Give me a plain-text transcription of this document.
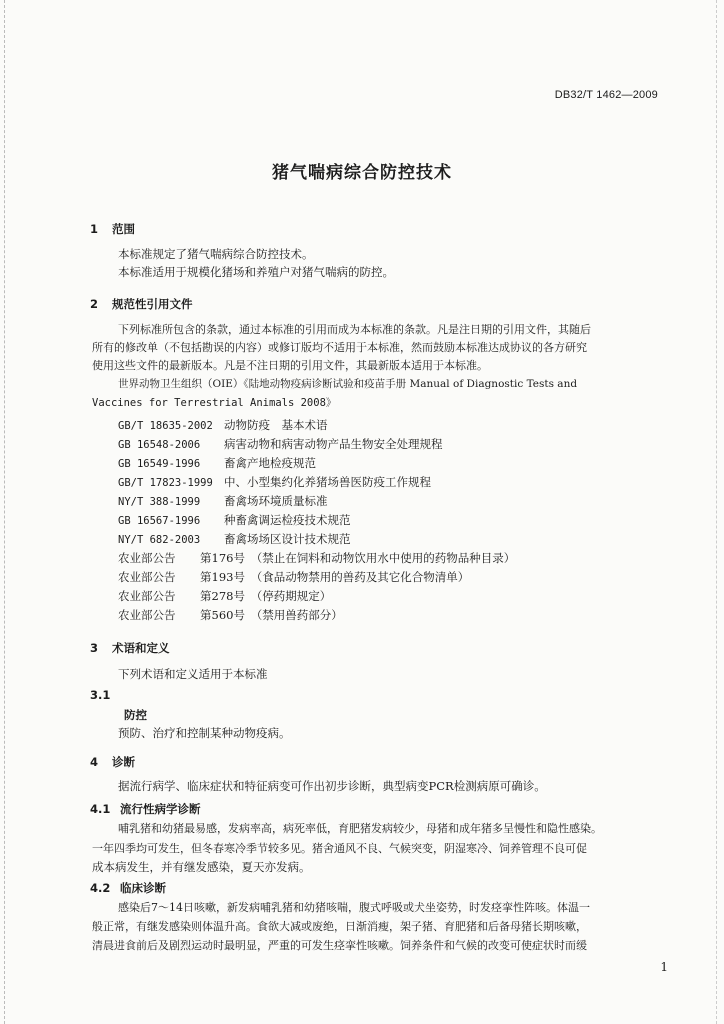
DB32/T 1462—2009
猪气喘病综合防控技术
1 范围
本标准规定了猪气喘病综合防控技术。
本标准适用于规模化猪场和养殖户对猪气喘病的防控。
2 规范性引用文件
下列标准所包含的条款，通过本标准的引用而成为本标准的条款。凡是注日期的引用文件，其随后
所有的修改单（不包括勘误的内容）或修订版均不适用于本标准，然而鼓励本标准达成协议的各方研究
使用这些文件的最新版本。凡是不注日期的引用文件，其最新版本适用于本标准。
世界动物卫生组织（OIE）《陆地动物疫病诊断试验和疫苗手册 Manual of Diagnostic Tests and
Vaccines for Terrestrial Animals 2008》
GB/T 18635-2002 动物防疫　基本术语
GB 16548-2006 病害动物和病害动物产品生物安全处理规程
GB 16549-1996 畜禽产地检疫规范
GB/T 17823-1999 中、小型集约化养猪场兽医防疫工作规程
NY/T 388-1999 畜禽场环境质量标准
GB 16567-1996 种畜禽调运检疫技术规范
NY/T 682-2003 畜禽场场区设计技术规范
农业部公告 第176号　（禁止在饲料和动物饮用水中使用的药物品种目录）
农业部公告 第193号　（食品动物禁用的兽药及其它化合物清单）
农业部公告 第278号　（停药期规定）
农业部公告 第560号　（禁用兽药部分）
3 术语和定义
下列术语和定义适用于本标准
3.1
防控
预防、治疗和控制某种动物疫病。
4 诊断
据流行病学、临床症状和特征病变可作出初步诊断，典型病变PCR检测病原可确诊。
4.1 流行性病学诊断
哺乳猪和幼猪最易感，发病率高，病死率低，育肥猪发病较少，母猪和成年猪多呈慢性和隐性感染。
一年四季均可发生，但冬春寒冷季节较多见。猪舍通风不良、气候突变，阴湿寒冷、饲养管理不良可促
成本病发生，并有继发感染，夏天亦发病。
4.2 临床诊断
感染后7～14日咳嗽，新发病哺乳猪和幼猪咳喘，腹式呼吸或犬坐姿势，时发痉挛性阵咳。体温一
般正常，有继发感染则体温升高。食欲大减或废绝，日渐消瘦，架子猪、育肥猪和后备母猪长期咳嗽，
清晨进食前后及剧烈运动时最明显，严重的可发生痉挛性咳嗽。饲养条件和气候的改变可使症状时而缓
1
